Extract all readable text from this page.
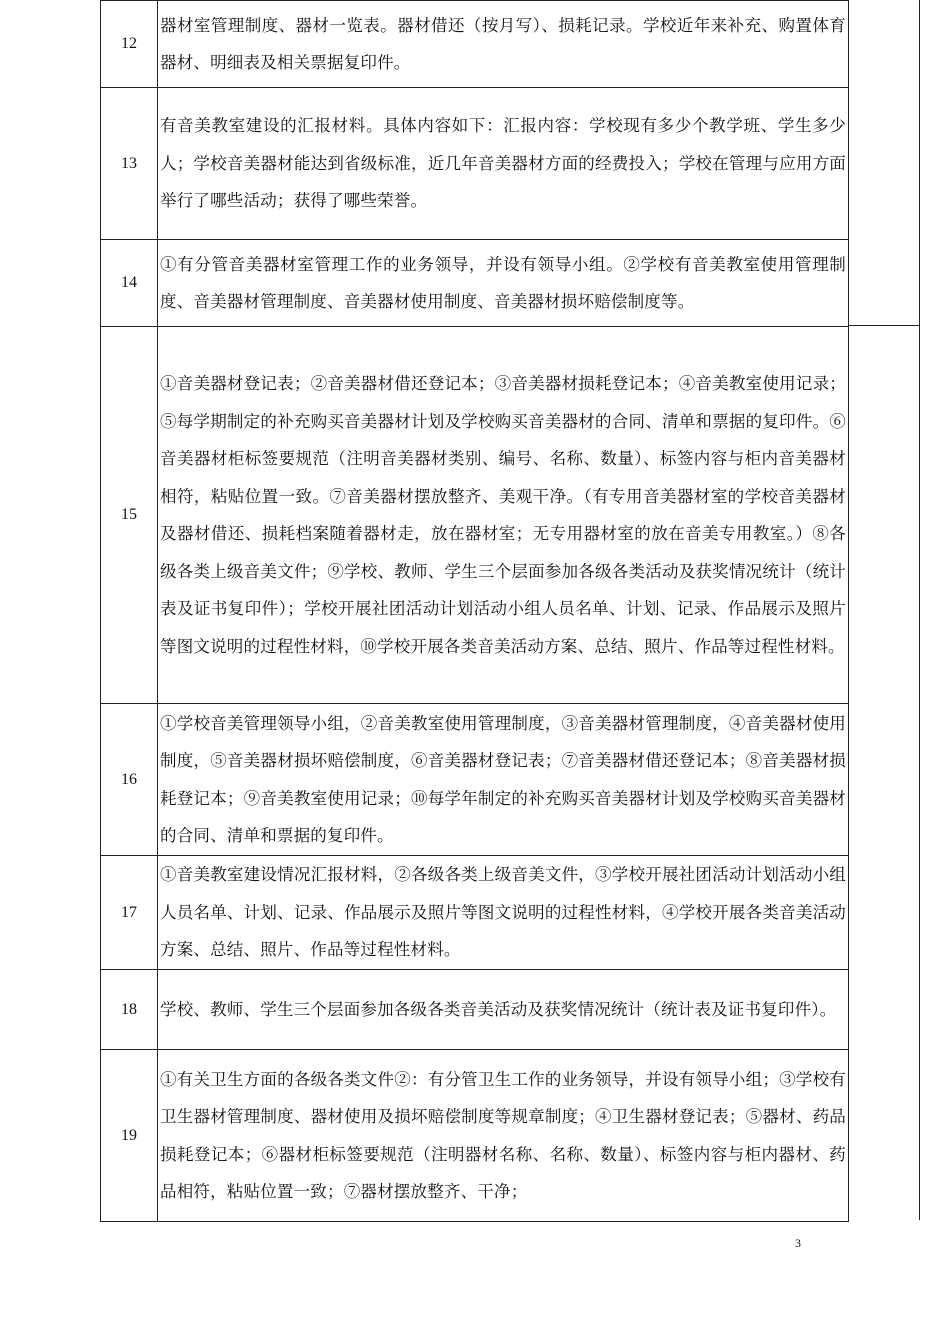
12	器材室管理制度、器材一览表。器材借还（按月写）、损耗记录。学校近年来补充、购置体育器材、明细表及相关票据复印件。
13	有音美教室建设的汇报材料。具体内容如下：汇报内容：学校现有多少个教学班、学生多少人；学校音美器材能达到省级标准，近几年音美器材方面的经费投入；学校在管理与应用方面举行了哪些活动；获得了哪些荣誉。
14	①有分管音美器材室管理工作的业务领导，并设有领导小组。②学校有音美教室使用管理制度、音美器材管理制度、音美器材使用制度、音美器材损坏赔偿制度等。
15	①音美器材登记表；②音美器材借还登记本；③音美器材损耗登记本；④音美教室使用记录；⑤每学期制定的补充购买音美器材计划及学校购买音美器材的合同、清单和票据的复印件。⑥音美器材柜标签要规范（注明音美器材类别、编号、名称、数量）、标签内容与柜内音美器材相符，粘贴位置一致。⑦音美器材摆放整齐、美观干净。（有专用音美器材室的学校音美器材及器材借还、损耗档案随着器材走，放在器材室；无专用器材室的放在音美专用教室。）⑧各级各类上级音美文件；⑨学校、教师、学生三个层面参加各级各类活动及获奖情况统计（统计表及证书复印件）；学校开展社团活动计划活动小组人员名单、计划、记录、作品展示及照片等图文说明的过程性材料，⑩学校开展各类音美活动方案、总结、照片、作品等过程性材料。
16	①学校音美管理领导小组，②音美教室使用管理制度，③音美器材管理制度，④音美器材使用制度，⑤音美器材损坏赔偿制度，⑥音美器材登记表；⑦音美器材借还登记本；⑧音美器材损耗登记本；⑨音美教室使用记录；⑩每学年制定的补充购买音美器材计划及学校购买音美器材的合同、清单和票据的复印件。
17	①音美教室建设情况汇报材料，②各级各类上级音美文件，③学校开展社团活动计划活动小组人员名单、计划、记录、作品展示及照片等图文说明的过程性材料，④学校开展各类音美活动方案、总结、照片、作品等过程性材料。
18	学校、教师、学生三个层面参加各级各类音美活动及获奖情况统计（统计表及证书复印件）。
19	①有关卫生方面的各级各类文件②：有分管卫生工作的业务领导，并设有领导小组；③学校有卫生器材管理制度、器材使用及损坏赔偿制度等规章制度；④卫生器材登记表；⑤器材、药品损耗登记本；⑥器材柜标签要规范（注明器材名称、名称、数量）、标签内容与柜内器材、药品相符，粘贴位置一致；⑦器材摆放整齐、干净；
3
